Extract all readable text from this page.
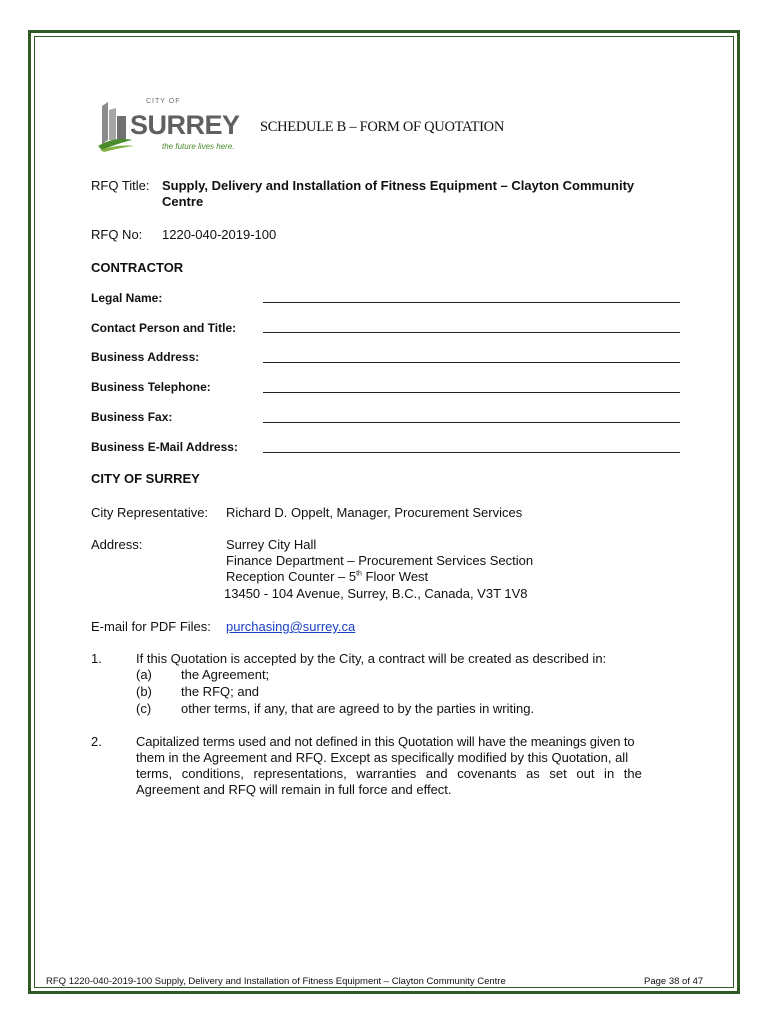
CITY OF
SURREY
the future lives here.
SCHEDULE B – FORM OF QUOTATION
RFQ Title: Supply, Delivery and Installation of Fitness Equipment – Clayton Community
Centre
RFQ No: 1220-040-2019-100
CONTRACTOR
Legal Name:
Contact Person and Title:
Business Address:
Business Telephone:
Business Fax:
Business E-Mail Address:
CITY OF SURREY
City Representative: Richard D. Oppelt, Manager, Procurement Services
Address:	Surrey City Hall
Finance Department – Procurement Services Section
Reception Counter – 5th Floor West
13450 - 104 Avenue, Surrey, B.C., Canada, V3T 1V8
E-mail for PDF Files: purchasing@surrey.ca
1.	If this Quotation is accepted by the City, a contract will be created as described in:
(a) the Agreement;
(b) the RFQ; and
(c) other terms, if any, that are agreed to by the parties in writing.
2.	Capitalized terms used and not defined in this Quotation will have the meanings given to
them in the Agreement and RFQ. Except as specifically modified by this Quotation, all
terms, conditions, representations, warranties and covenants as set out in the
Agreement and RFQ will remain in full force and effect.
RFQ 1220-040-2019-100 Supply, Delivery and Installation of Fitness Equipment – Clayton Community Centre	Page 38 of 47
